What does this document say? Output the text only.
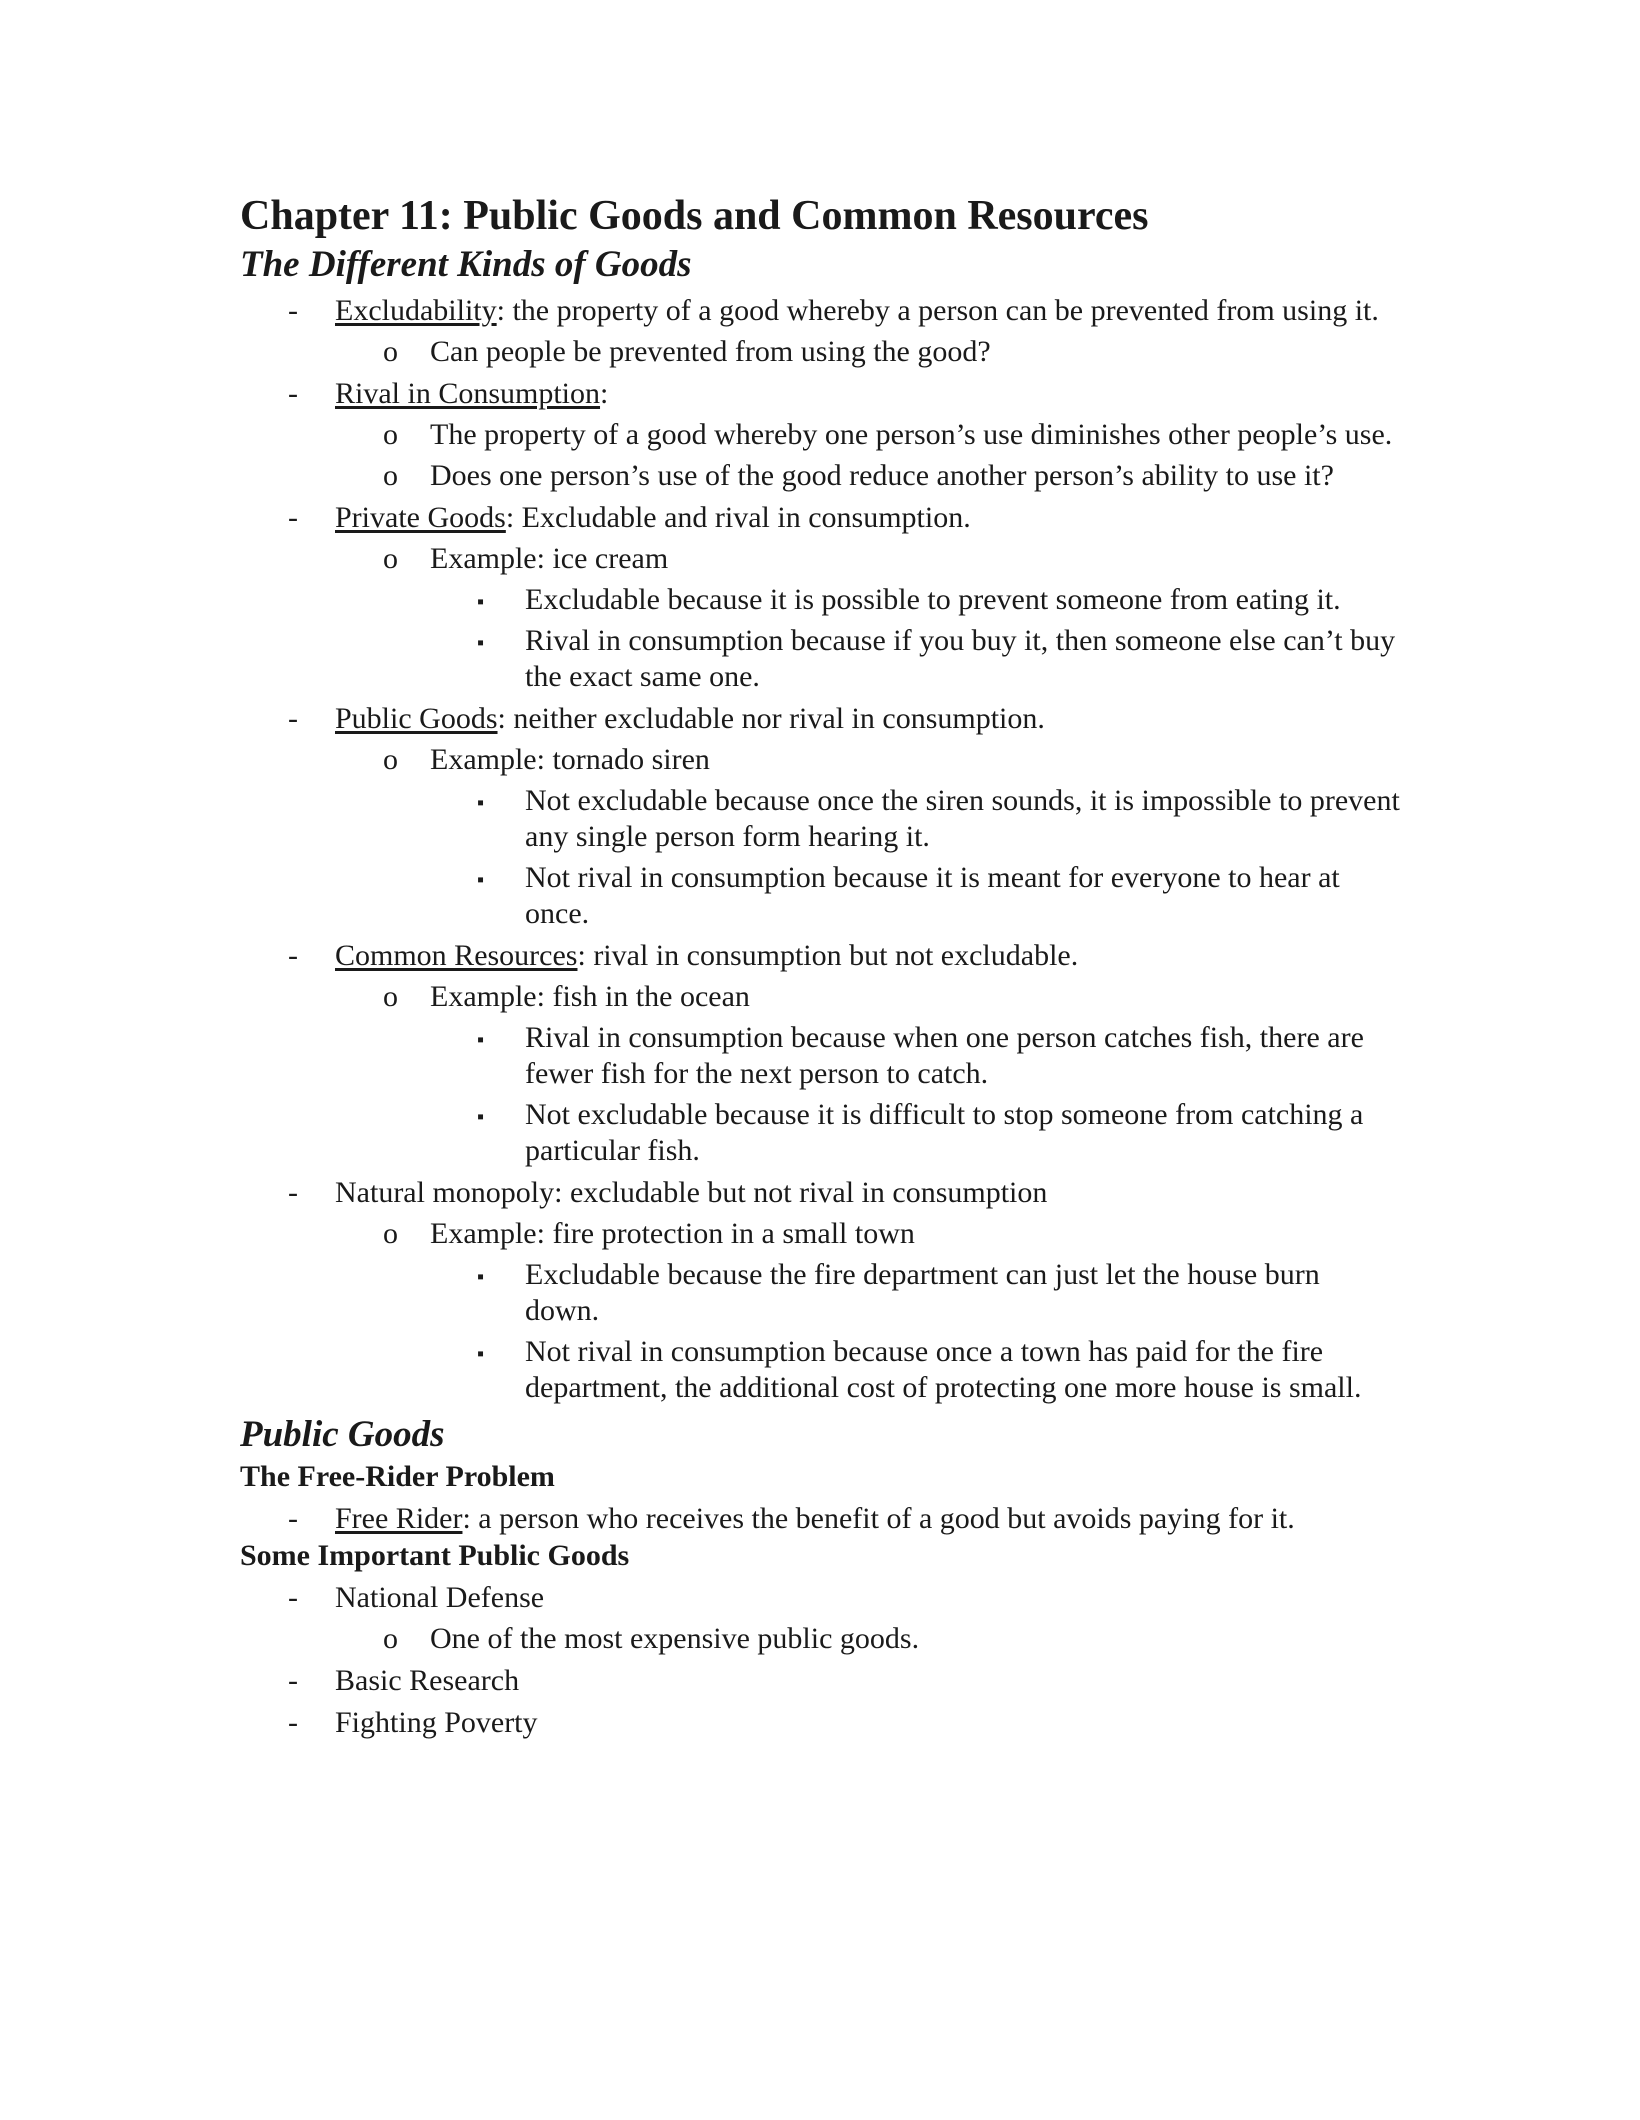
Chapter 11: Public Goods and Common Resources
The Different Kinds of Goods
- Excludability: the property of a good whereby a person can be prevented from using it.
o Can people be prevented from using the good?
- Rival in Consumption:
o The property of a good whereby one person’s use diminishes other people’s use.
o Does one person’s use of the good reduce another person’s ability to use it?
- Private Goods: Excludable and rival in consumption.
o Example: ice cream
▪ Excludable because it is possible to prevent someone from eating it.
▪ Rival in consumption because if you buy it, then someone else can’t buy the exact same one.
- Public Goods: neither excludable nor rival in consumption.
o Example: tornado siren
▪ Not excludable because once the siren sounds, it is impossible to prevent any single person form hearing it.
▪ Not rival in consumption because it is meant for everyone to hear at once.
- Common Resources: rival in consumption but not excludable.
o Example: fish in the ocean
▪ Rival in consumption because when one person catches fish, there are fewer fish for the next person to catch.
▪ Not excludable because it is difficult to stop someone from catching a particular fish.
- Natural monopoly: excludable but not rival in consumption
o Example: fire protection in a small town
▪ Excludable because the fire department can just let the house burn down.
▪ Not rival in consumption because once a town has paid for the fire department, the additional cost of protecting one more house is small.
Public Goods
The Free-Rider Problem
- Free Rider: a person who receives the benefit of a good but avoids paying for it.
Some Important Public Goods
- National Defense
o One of the most expensive public goods.
- Basic Research
- Fighting Poverty
